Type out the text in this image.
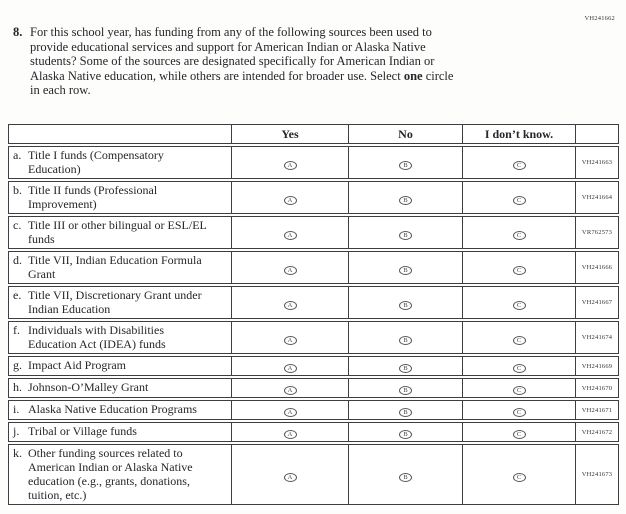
VH241662
8. For this school year, has funding from any of the following sources been used to
provide educational services and support for American Indian or Alaska Native
students? Some of the sources are designated specifically for American Indian or
Alaska Native education, while others are intended for broader use. Select one circle
in each row.
	Yes	No	I don’t know.	

a. Title I funds (Compensatory Education)	A	B	C	VH241663

b. Title II funds (Professional Improvement)	A	B	C	VH241664

c. Title III or other bilingual or ESL/EL funds	A	B	C	VR762573

d. Title VII, Indian Education Formula Grant	A	B	C	VH241666

e. Title VII, Discretionary Grant under Indian Education	A	B	C	VH241667

f. Individuals with Disabilities Education Act (IDEA) funds	A	B	C	VH241674

g. Impact Aid Program	A	B	C	VH241669

h. Johnson-O’Malley Grant	A	B	C	VH241670

i. Alaska Native Education Programs	A	B	C	VH241671

j. Tribal or Village funds	A	B	C	VH241672

k. Other funding sources related to American Indian or Alaska Native education (e.g., grants, donations, tuition, etc.)	A	B	C	VH241673
